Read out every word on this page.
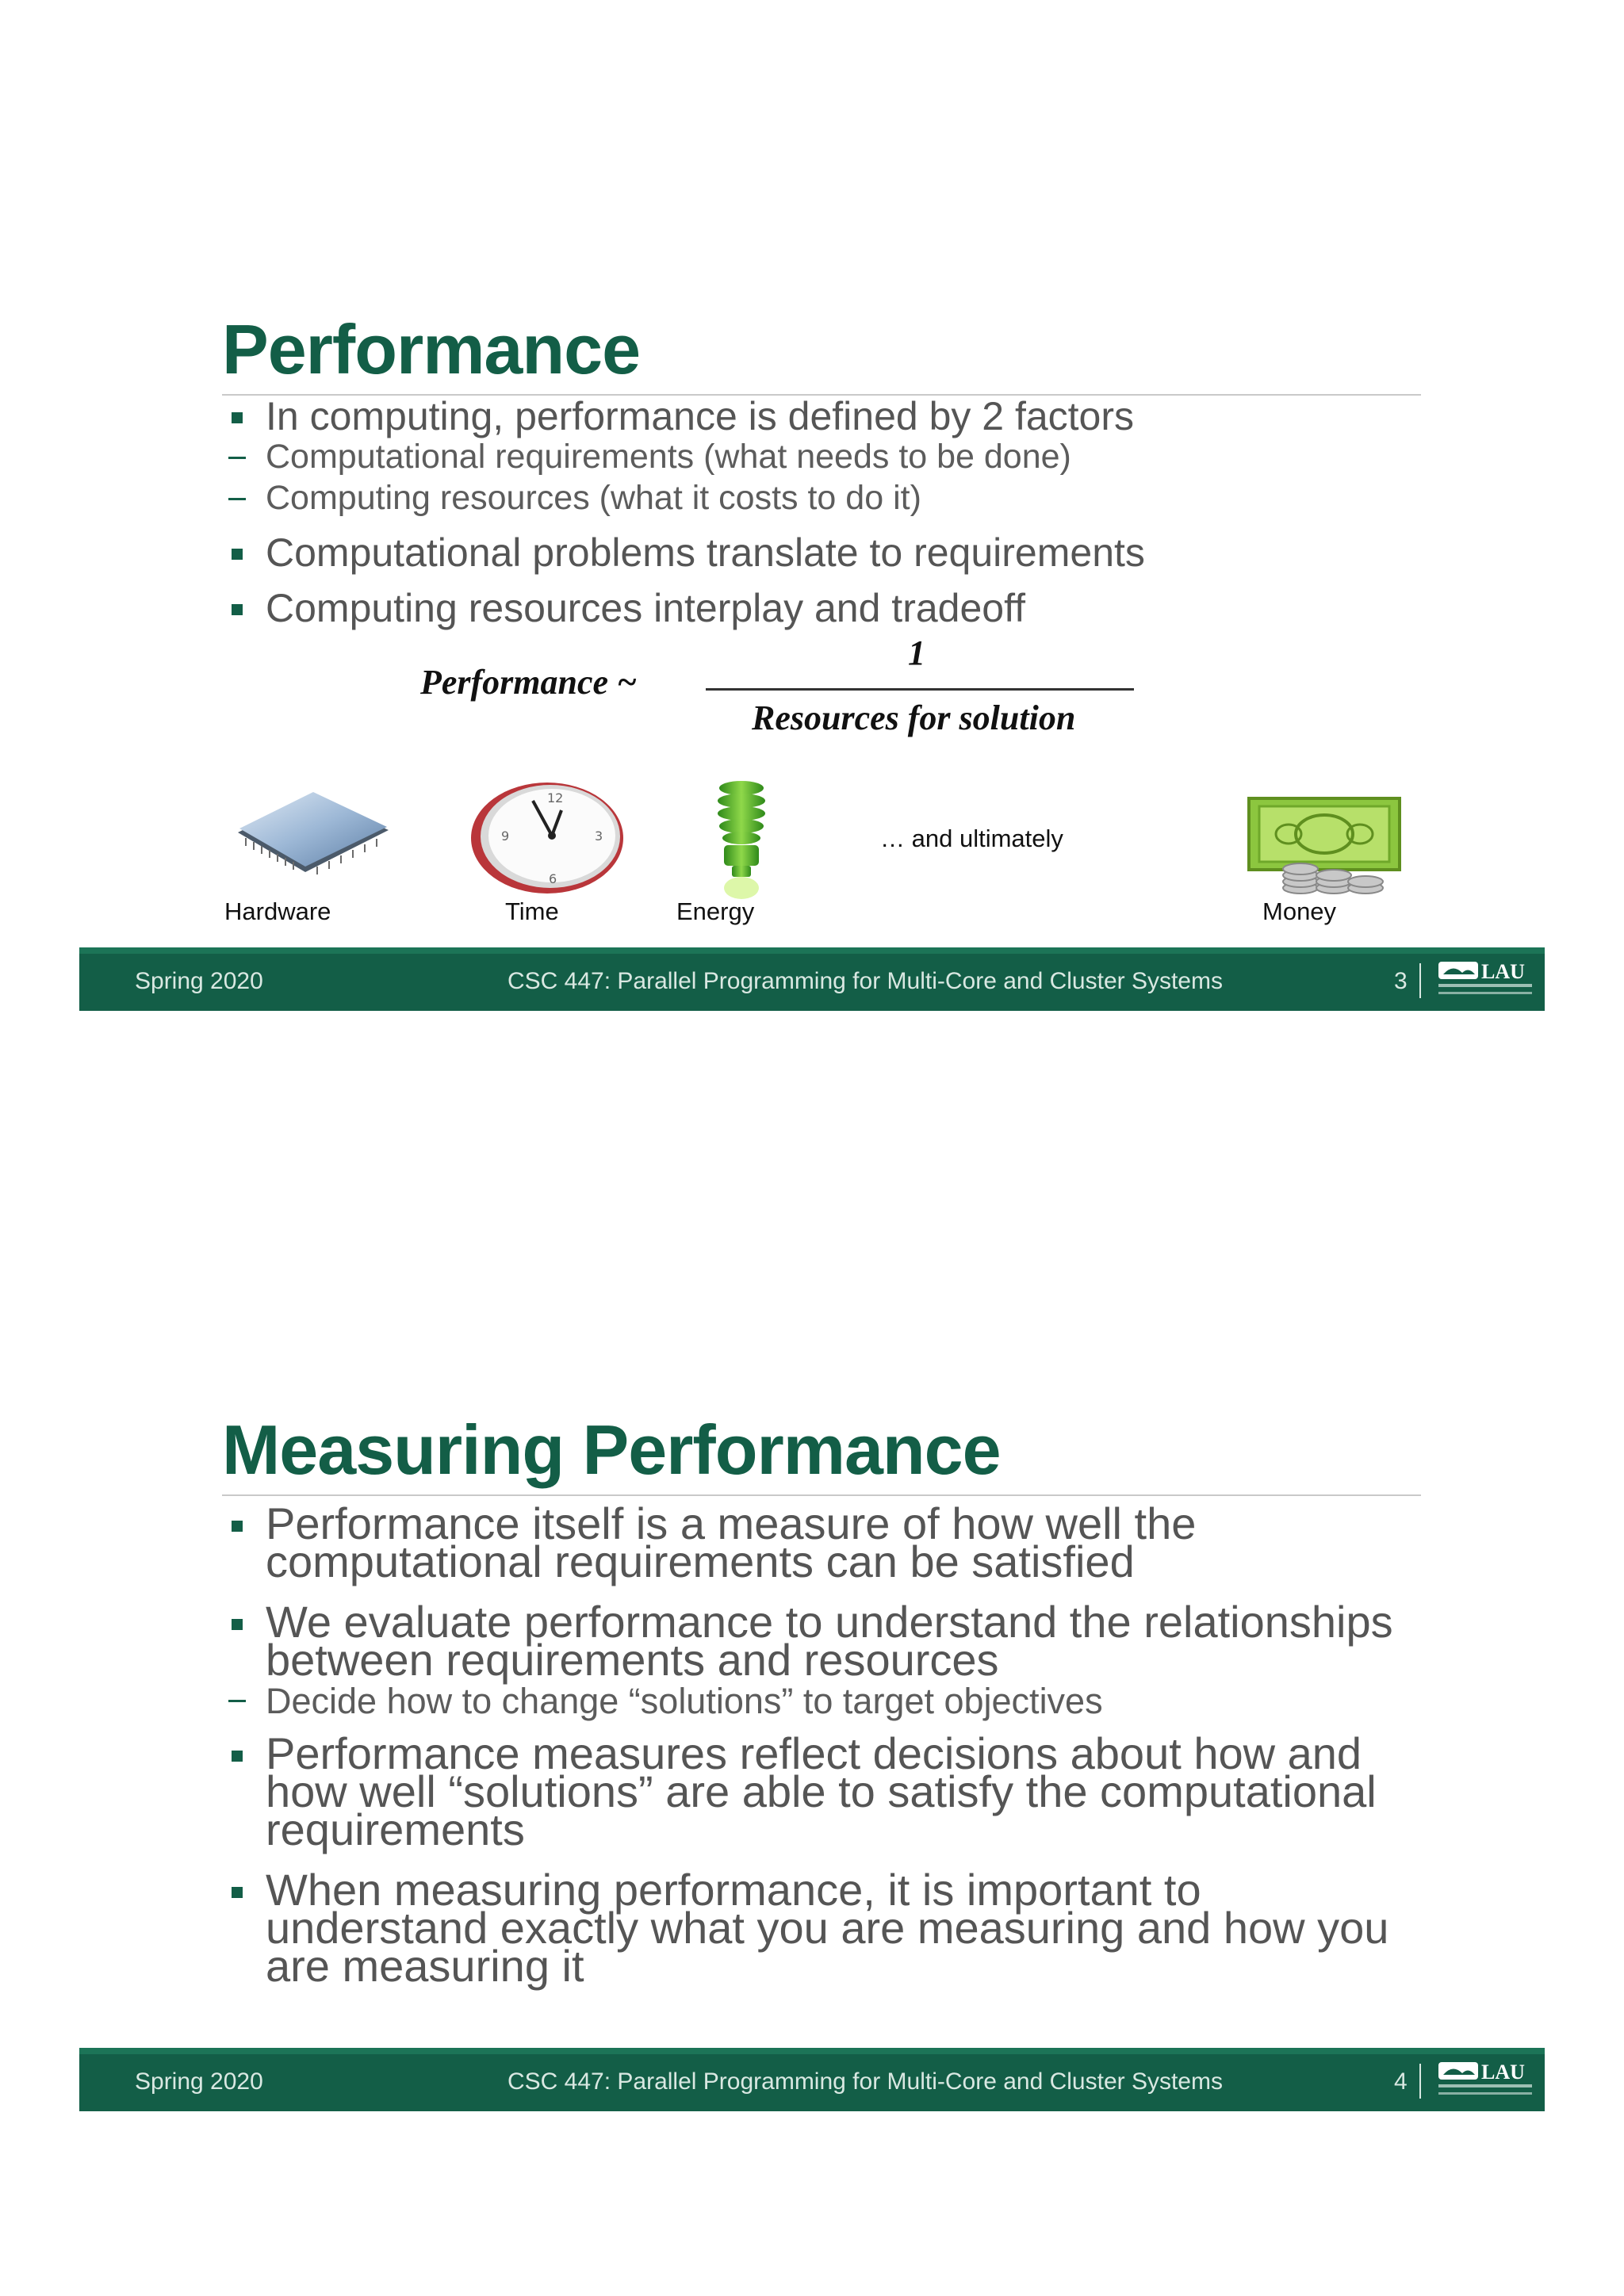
Performance
In computing, performance is defined by 2 factors
Computational requirements (what needs to be done)
Computing resources (what it costs to do it)
Computational problems translate to requirements
Computing resources interplay and tradeoff
Performance ~
1
Resources for solution
Hardware
12
3
6
9
Time	Energy
… and ultimately
Money
Spring 2020	CSC 447: Parallel Programming for Multi-Core and Cluster Systems	3	LAU
Measuring Performance
Performance itself is a measure of how well the computational requirements can be satisfied
We evaluate performance to understand the relationships between requirements and resources
Decide how to change “solutions” to target objectives
Performance measures reflect decisions about how and how well “solutions” are able to satisfy the computational requirements
When measuring performance, it is important to understand exactly what you are measuring and how you are measuring it
Spring 2020	CSC 447: Parallel Programming for Multi-Core and Cluster Systems	4	LAU
